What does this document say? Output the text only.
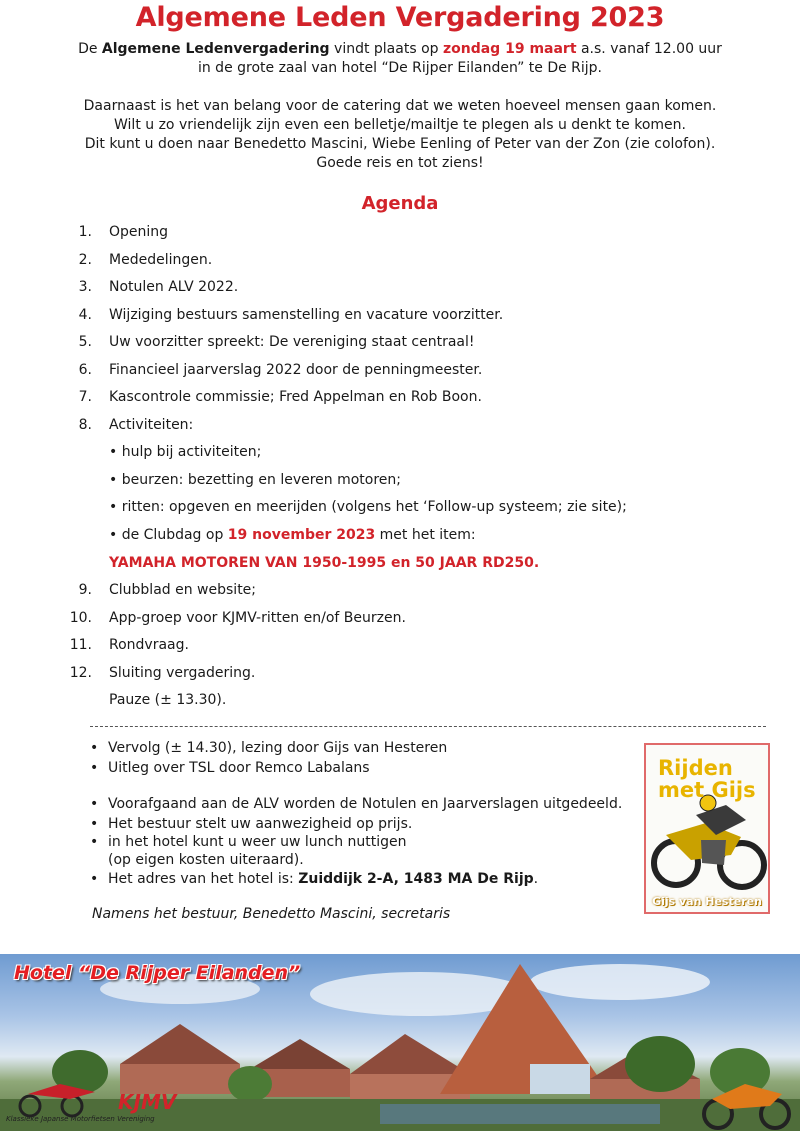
Algemene Leden Vergadering 2023
De Algemene Ledenvergadering vindt plaats op zondag 19 maart a.s. vanaf 12.00 uur
in de grote zaal van hotel “De Rijper Eilanden” te De Rijp.
Daarnaast is het van belang voor de catering dat we weten hoeveel mensen gaan komen.
Wilt u zo vriendelijk zijn even een belletje/mailtje te plegen als u denkt te komen.
Dit kunt u doen naar Benedetto Mascini, Wiebe Eenling of Peter van der Zon (zie colofon).
Goede reis en tot ziens!
Agenda
1. Opening
2. Mededelingen.
3. Notulen ALV 2022.
4. Wijziging bestuurs samenstelling en vacature voorzitter.
5. Uw voorzitter spreekt: De vereniging staat centraal!
6. Financieel jaarverslag 2022 door de penningmeester.
7. Kascontrole commissie; Fred Appelman en Rob Boon.
8. Activiteiten:
• hulp bij activiteiten;
• beurzen: bezetting en leveren motoren;
• ritten: opgeven en meerijden (volgens het ‘Follow-up systeem; zie site);
• de Clubdag op 19 november 2023 met het item:
YAMAHA MOTOREN VAN 1950-1995 en 50 JAAR RD250.
9. Clubblad en website;
10. App-groep voor KJMV-ritten en/of Beurzen.
11. Rondvraag.
12. Sluiting vergadering.
Pauze (± 13.30).
• Vervolg (± 14.30), lezing door Gijs van Hesteren
• Uitleg over TSL door Remco Labalans
• Voorafgaand aan de ALV worden de Notulen en Jaarverslagen uitgedeeld.
• Het bestuur stelt uw aanwezigheid op prijs.
• in het hotel kunt u weer uw lunch nuttigen
(op eigen kosten uiteraard).
• Het adres van het hotel is: Zuiddijk 2-A, 1483 MA De Rijp.
Namens het bestuur, Benedetto Mascini, secretaris
Rijden
met Gijs
Gijs van Hesteren
Hotel “De Rijper Eilanden”
KJMV
Klassieke Japanse Motorfietsen Vereniging
